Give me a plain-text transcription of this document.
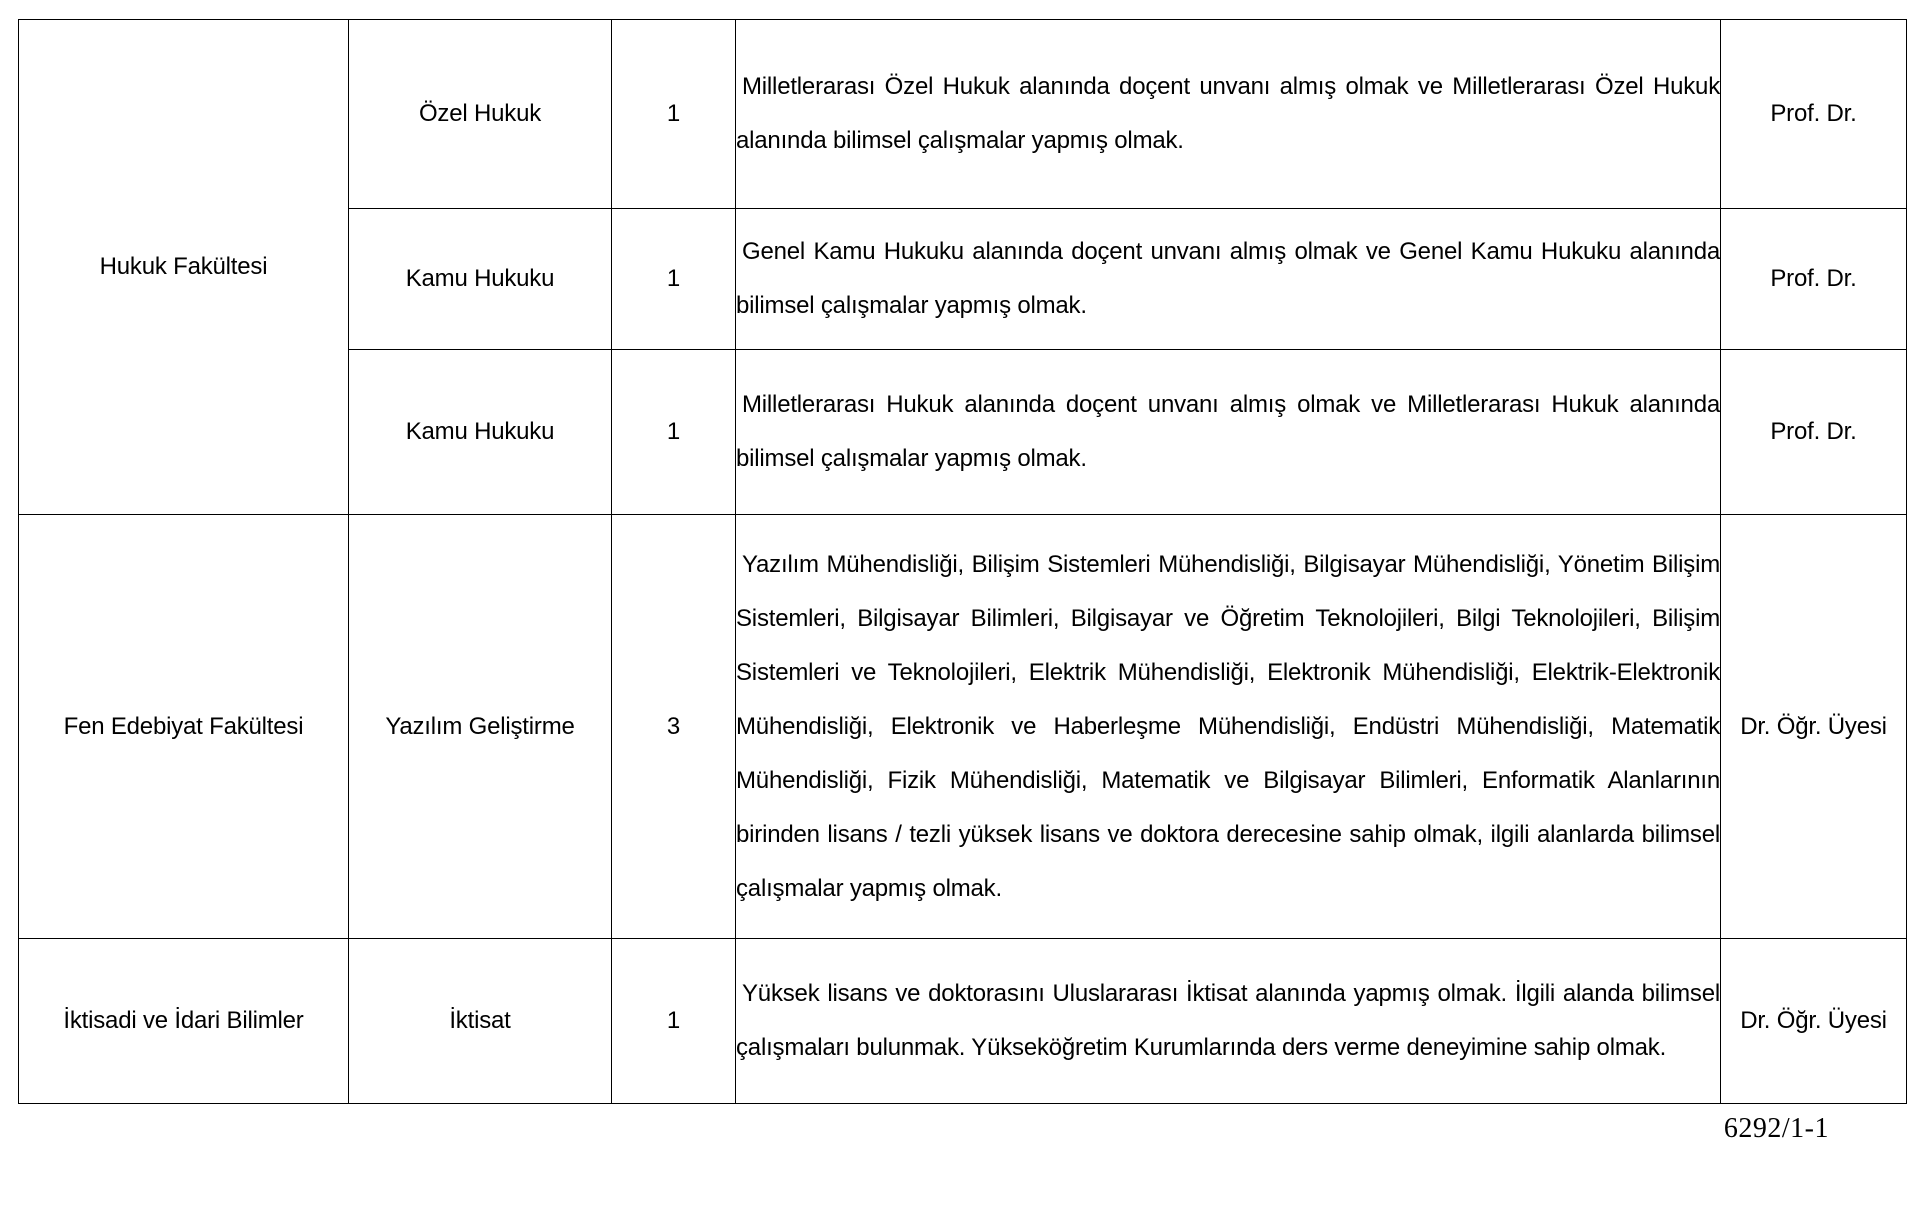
Hukuk Fakültesi	Özel Hukuk	1	Milletlerarası Özel Hukuk alanında doçent unvanı almış olmak ve Milletlerarası Özel Hukuk alanında bilimsel çalışmalar yapmış olmak.	Prof. Dr.
	Kamu Hukuku	1	Genel Kamu Hukuku alanında doçent unvanı almış olmak ve Genel Kamu Hukuku alanında bilimsel çalışmalar yapmış olmak.	Prof. Dr.
	Kamu Hukuku	1	Milletlerarası Hukuk alanında doçent unvanı almış olmak ve Milletlerarası Hukuk alanında bilimsel çalışmalar yapmış olmak.	Prof. Dr.
Fen Edebiyat Fakültesi	Yazılım Geliştirme	3	Yazılım Mühendisliği, Bilişim Sistemleri Mühendisliği, Bilgisayar Mühendisliği, Yönetim Bilişim Sistemleri, Bilgisayar Bilimleri, Bilgisayar ve Öğretim Teknolojileri, Bilgi Teknolojileri, Bilişim Sistemleri ve Teknolojileri, Elektrik Mühendisliği, Elektronik Mühendisliği, Elektrik-Elektronik Mühendisliği, Elektronik ve Haberleşme Mühendisliği, Endüstri Mühendisliği, Matematik Mühendisliği, Fizik Mühendisliği, Matematik ve Bilgisayar Bilimleri, Enformatik Alanlarının birinden lisans / tezli yüksek lisans ve doktora derecesine sahip olmak, ilgili alanlarda bilimsel çalışmalar yapmış olmak.	Dr. Öğr. Üyesi
İktisadi ve İdari Bilimler	İktisat	1	Yüksek lisans ve doktorasını Uluslararası İktisat alanında yapmış olmak. İlgili alanda bilimsel çalışmaları bulunmak. Yükseköğretim Kurumlarında ders verme deneyimine sahip olmak.	Dr. Öğr. Üyesi
6292/1-1
